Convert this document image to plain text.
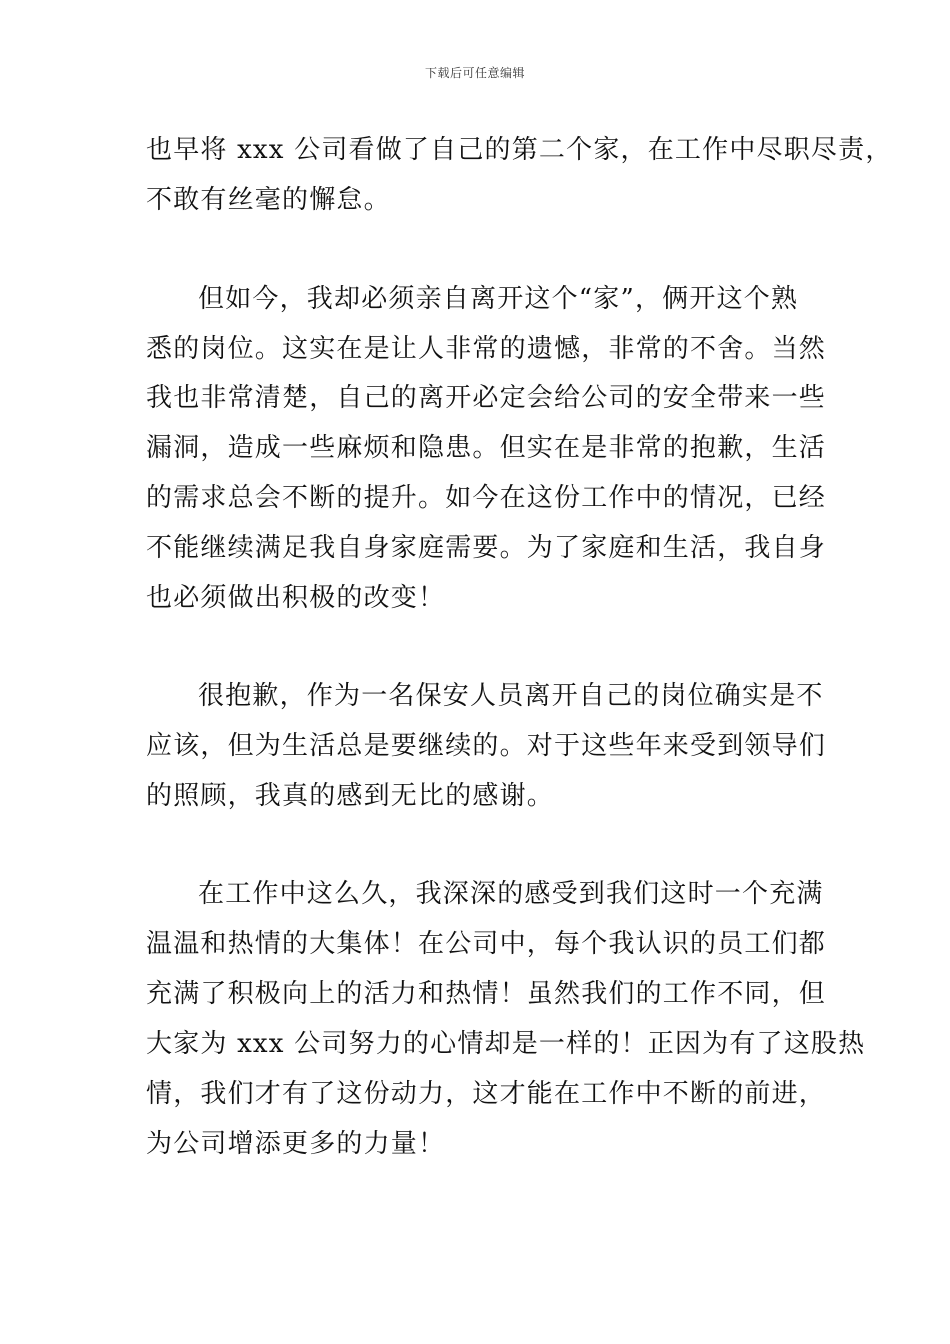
下载后可任意编辑
也早将 xxx 公司看做了自己的第二个家，在工作中尽职尽责，
不敢有丝毫的懈怠。
但如今，我却必须亲自离开这个“家”，俩开这个熟
悉的岗位。这实在是让人非常的遗憾，非常的不舍。当然
我也非常清楚，自己的离开必定会给公司的安全带来一些
漏洞，造成一些麻烦和隐患。但实在是非常的抱歉，生活
的需求总会不断的提升。如今在这份工作中的情况，已经
不能继续满足我自身家庭需要。为了家庭和生活，我自身
也必须做出积极的改变！
很抱歉，作为一名保安人员离开自己的岗位确实是不
应该，但为生活总是要继续的。对于这些年来受到领导们
的照顾，我真的感到无比的感谢。
在工作中这么久，我深深的感受到我们这时一个充满
温温和热情的大集体！在公司中，每个我认识的员工们都
充满了积极向上的活力和热情！虽然我们的工作不同，但
大家为 xxx 公司努力的心情却是一样的！正因为有了这股热
情，我们才有了这份动力，这才能在工作中不断的前进，
为公司增添更多的力量！
